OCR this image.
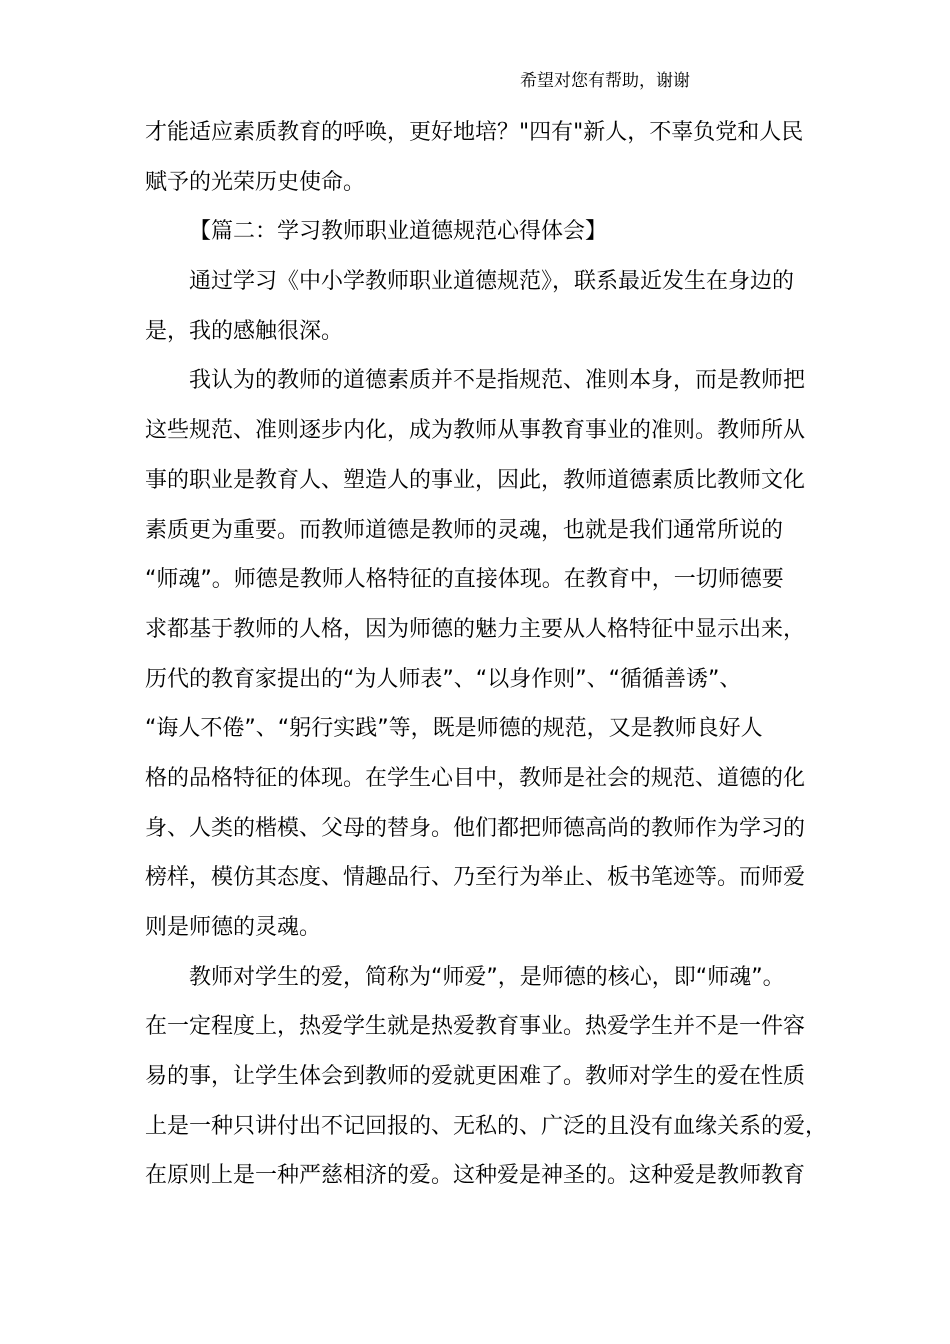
希望对您有帮助，谢谢
才能适应素质教育的呼唤，更好地培？"四有"新人，不辜负党和人民
赋予的光荣历史使命。
【篇二：学习教师职业道德规范心得体会】
通过学习《中小学教师职业道德规范》，联系最近发生在身边的
是，我的感触很深。
我认为的教师的道德素质并不是指规范、准则本身，而是教师把
这些规范、准则逐步内化，成为教师从事教育事业的准则。教师所从
事的职业是教育人、塑造人的事业，因此，教师道德素质比教师文化
素质更为重要。而教师道德是教师的灵魂，也就是我们通常所说的
“师魂”。师德是教师人格特征的直接体现。在教育中，一切师德要
求都基于教师的人格，因为师德的魅力主要从人格特征中显示出来，
历代的教育家提出的“为人师表”、“以身作则”、“循循善诱”、
“诲人不倦”、“躬行实践”等，既是师德的规范，又是教师良好人
格的品格特征的体现。在学生心目中，教师是社会的规范、道德的化
身、人类的楷模、父母的替身。他们都把师德高尚的教师作为学习的
榜样，模仿其态度、情趣品行、乃至行为举止、板书笔迹等。而师爱
则是师德的灵魂。
教师对学生的爱，简称为“师爱”，是师德的核心，即“师魂”。
在一定程度上，热爱学生就是热爱教育事业。热爱学生并不是一件容
易的事，让学生体会到教师的爱就更困难了。教师对学生的爱在性质
上是一种只讲付出不记回报的、无私的、广泛的且没有血缘关系的爱，
在原则上是一种严慈相济的爱。这种爱是神圣的。这种爱是教师教育
